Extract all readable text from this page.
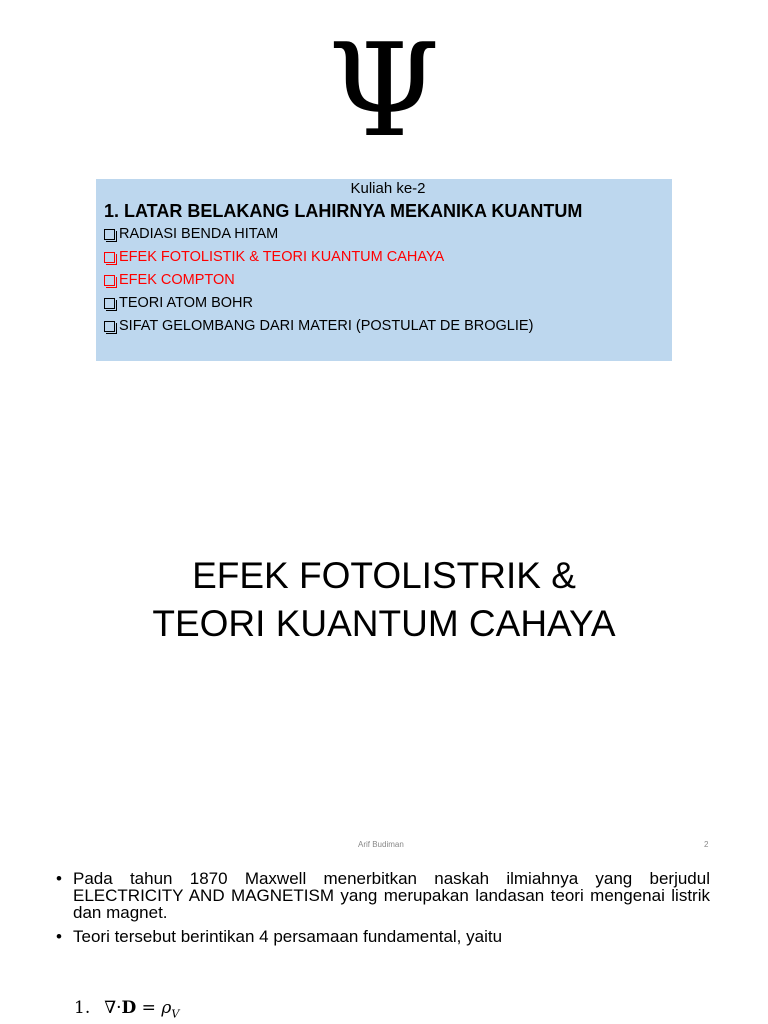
Ψ
Kuliah ke-2
1. LATAR BELAKANG LAHIRNYA MEKANIKA KUANTUM
RADIASI BENDA HITAM
EFEK FOTOLISTIK & TEORI KUANTUM CAHAYA
EFEK COMPTON
TEORI ATOM BOHR
SIFAT GELOMBANG DARI MATERI (POSTULAT DE BROGLIE)
EFEK FOTOLISTRIK &
TEORI KUANTUM CAHAYA
Arif Budiman	2
• Pada tahun 1870 Maxwell menerbitkan naskah ilmiahnya yang berjudul ELECTRICITY AND MAGNETISM yang merupakan landasan teori mengenai listrik dan magnet.
• Teori tersebut berintikan 4 persamaan fundamental, yaitu
1. $\nabla\cdot D = \rho_V$
